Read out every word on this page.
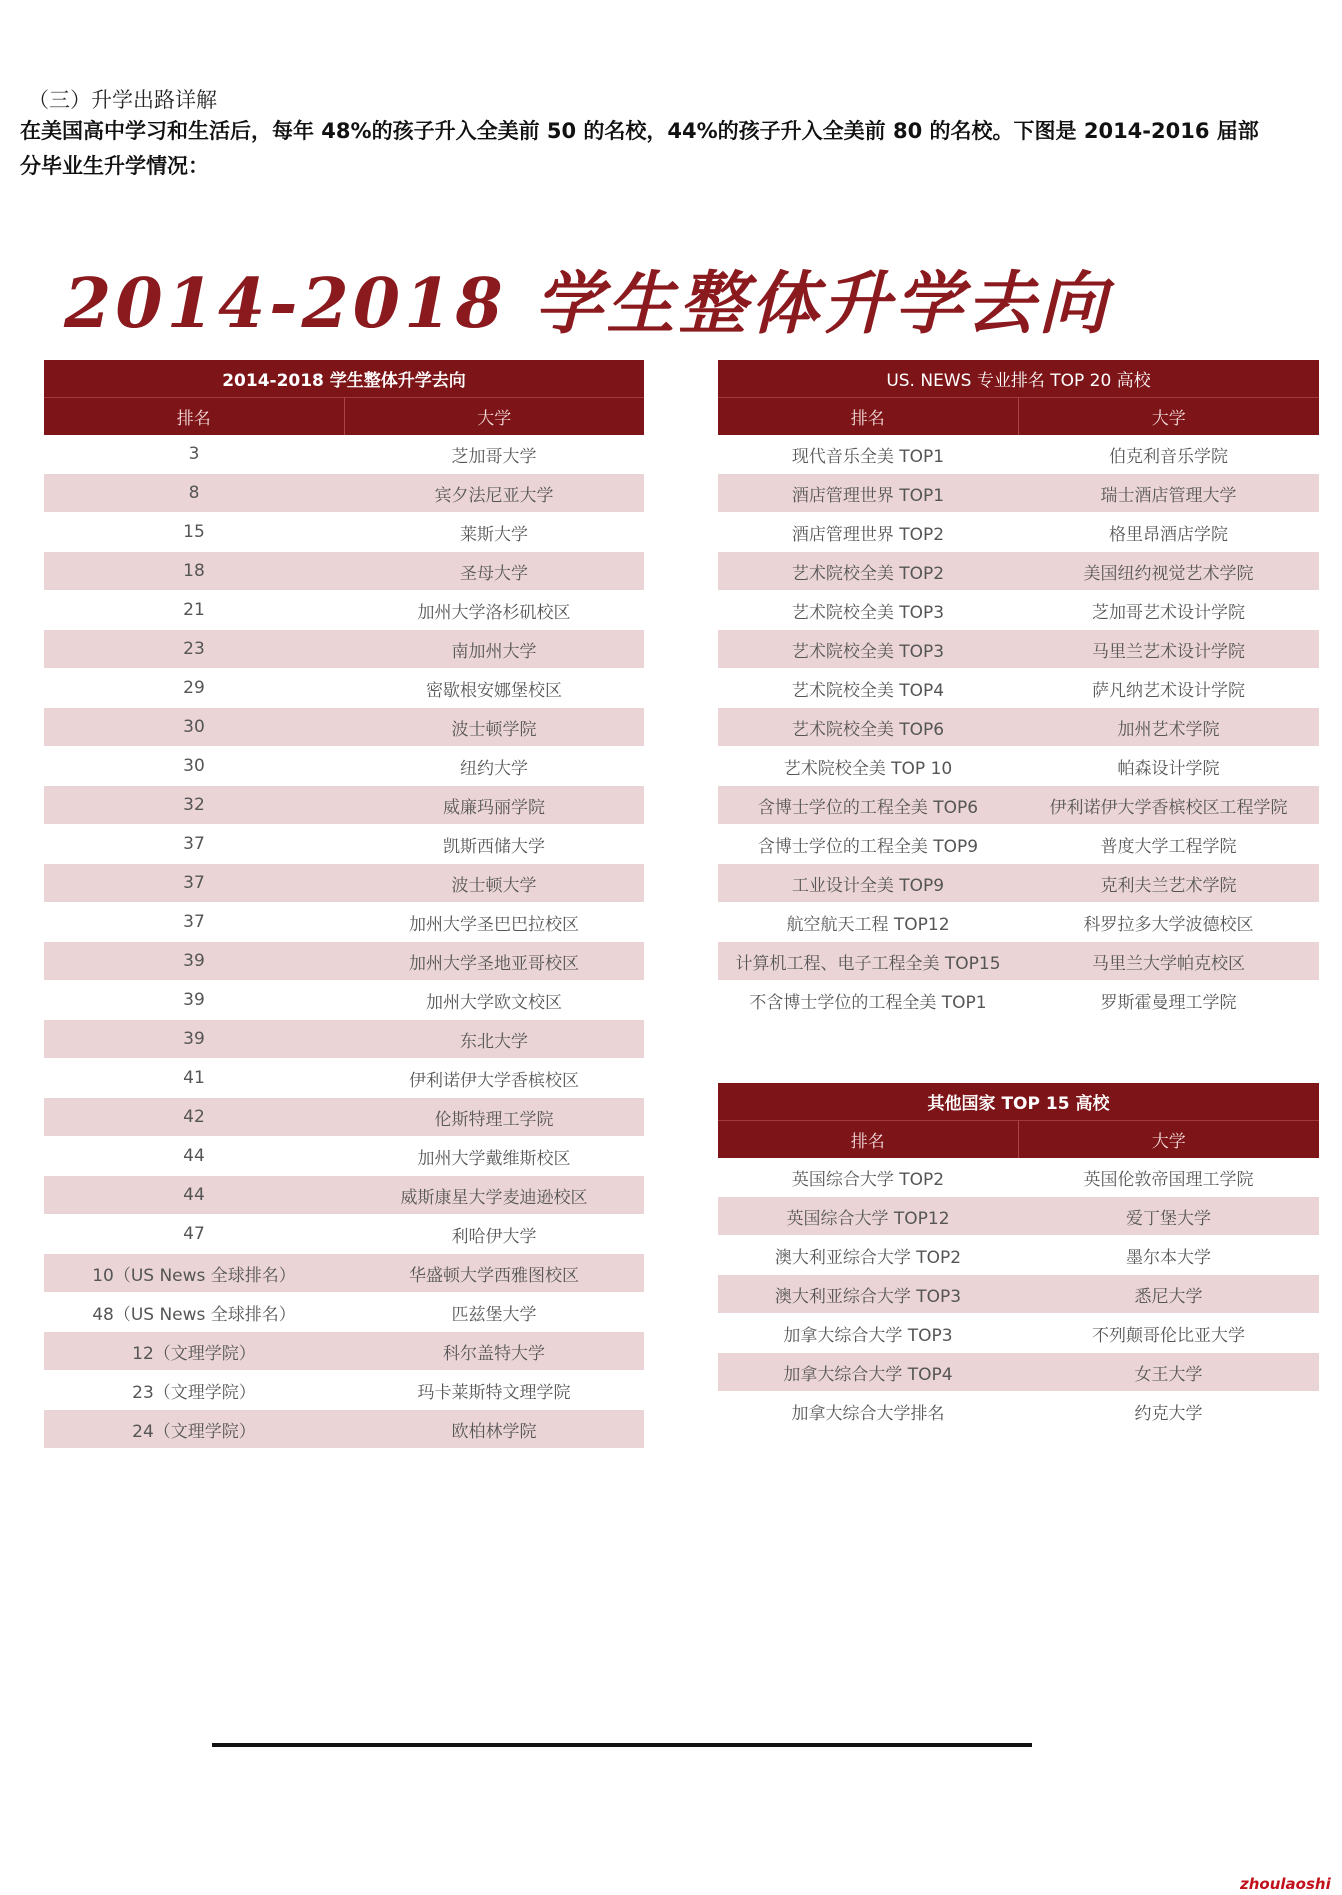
（三）升学出路详解
在美国高中学习和生活后，每年 48%的孩子升入全美前 50 的名校，44%的孩子升入全美前 80 的名校。下图是 2014-2016 届部
分毕业生升学情况：
2014-2018 学生整体升学去向
2014-2018 学生整体升学去向	
排名	大学
3	芝加哥大学
8	宾夕法尼亚大学
15	莱斯大学
18	圣母大学
21	加州大学洛杉矶校区
23	南加州大学
29	密歇根安娜堡校区
30	波士顿学院
30	纽约大学
32	威廉玛丽学院
37	凯斯西储大学
37	波士顿大学
37	加州大学圣巴巴拉校区
39	加州大学圣地亚哥校区
39	加州大学欧文校区
39	东北大学
41	伊利诺伊大学香槟校区
42	伦斯特理工学院
44	加州大学戴维斯校区
44	威斯康星大学麦迪逊校区
47	利哈伊大学
10（US News 全球排名）	华盛顿大学西雅图校区
48（US News 全球排名）	匹兹堡大学
12（文理学院）	科尔盖特大学
23（文理学院）	玛卡莱斯特文理学院
24（文理学院）	欧柏林学院
US. NEWS 专业排名 TOP 20 高校	
排名	大学
现代音乐全美 TOP1	伯克利音乐学院
酒店管理世界 TOP1	瑞士酒店管理大学
酒店管理世界 TOP2	格里昂酒店学院
艺术院校全美 TOP2	美国纽约视觉艺术学院
艺术院校全美 TOP3	芝加哥艺术设计学院
艺术院校全美 TOP3	马里兰艺术设计学院
艺术院校全美 TOP4	萨凡纳艺术设计学院
艺术院校全美 TOP6	加州艺术学院
艺术院校全美 TOP 10	帕森设计学院
含博士学位的工程全美 TOP6	伊利诺伊大学香槟校区工程学院
含博士学位的工程全美 TOP9	普度大学工程学院
工业设计全美 TOP9	克利夫兰艺术学院
航空航天工程 TOP12	科罗拉多大学波德校区
计算机工程、电子工程全美 TOP15	马里兰大学帕克校区
不含博士学位的工程全美 TOP1	罗斯霍曼理工学院
其他国家 TOP 15 高校	
排名	大学
英国综合大学 TOP2	英国伦敦帝国理工学院
英国综合大学 TOP12	爱丁堡大学
澳大利亚综合大学 TOP2	墨尔本大学
澳大利亚综合大学 TOP3	悉尼大学
加拿大综合大学 TOP3	不列颠哥伦比亚大学
加拿大综合大学 TOP4	女王大学
加拿大综合大学排名	约克大学
zhoulaoshi
